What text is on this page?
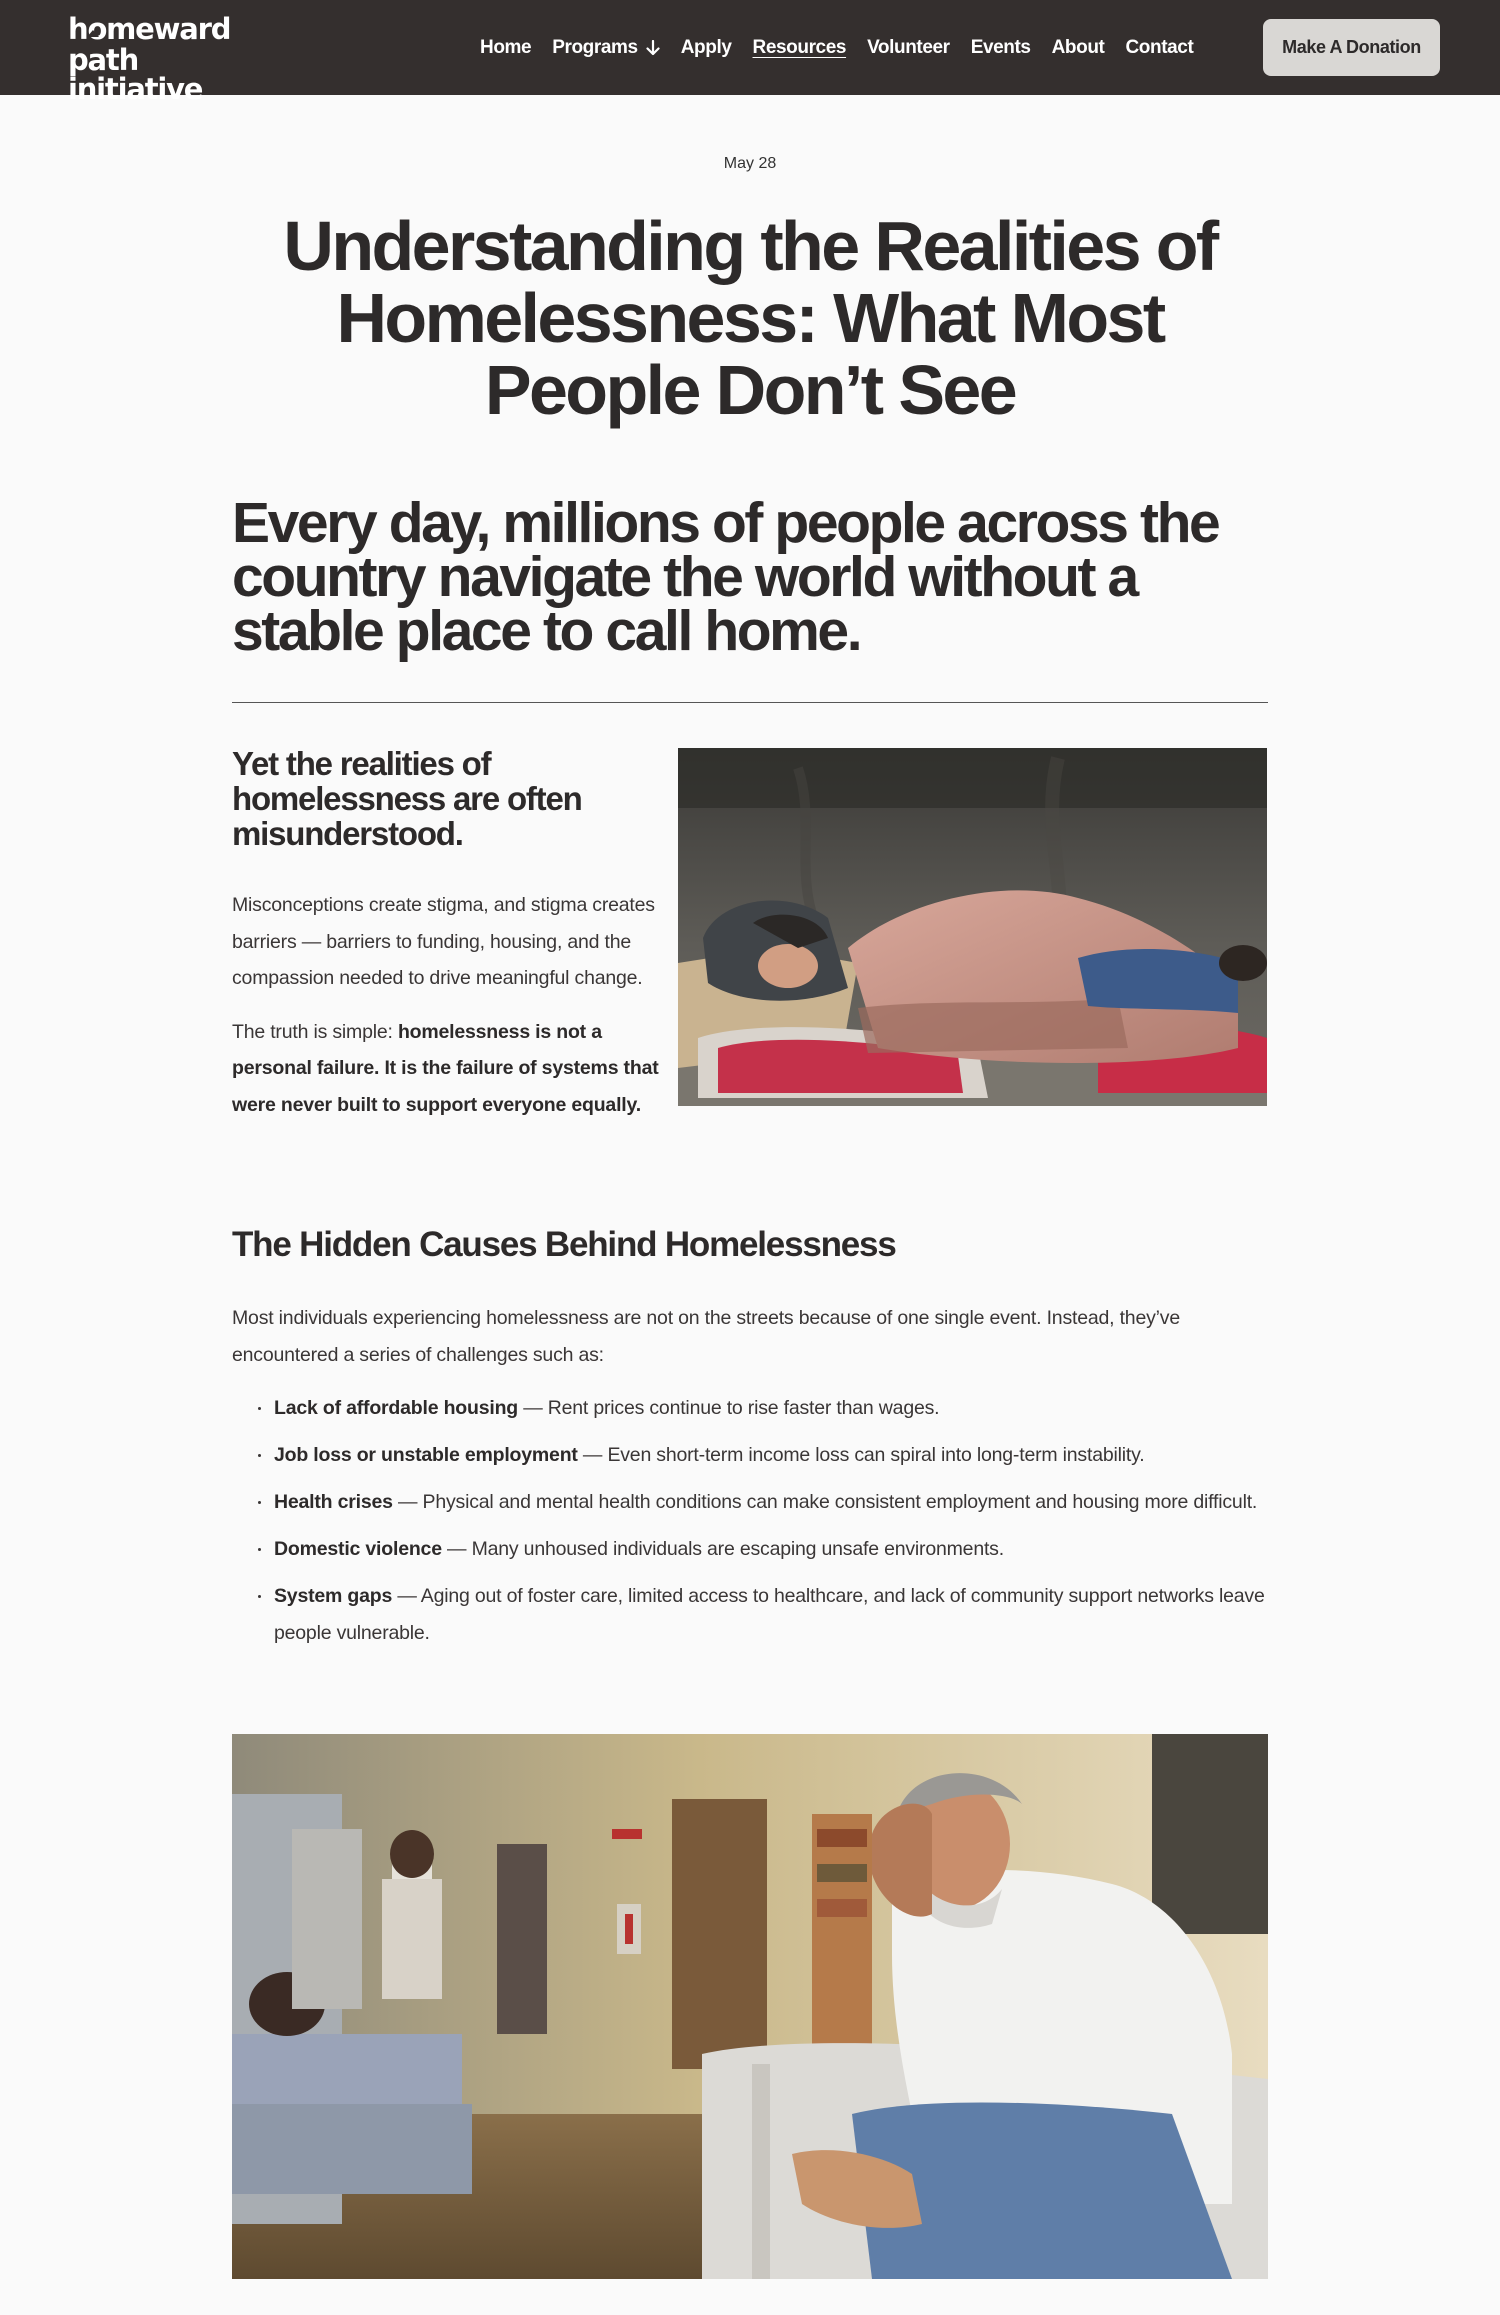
homeward
path initiative
Home Programs Apply Resources Volunteer Events About Contact	Make A Donation
May 28
Understanding the Realities of Homelessness: What Most People Don’t See
Every day, millions of people across the country navigate the world without a stable place to call home.
Yet the realities of homelessness are often misunderstood.

Misconceptions create stigma, and stigma creates barriers — barriers to funding, housing, and the compassion needed to drive meaningful change.

The truth is simple: homelessness is not a personal failure. It is the failure of systems that were never built to support everyone equally.

The Hidden Causes Behind Homelessness

Most individuals experiencing homelessness are not on the streets because of one single event. Instead, they’ve encountered a series of challenges such as:

Lack of affordable housing — Rent prices continue to rise faster than wages.
Job loss or unstable employment — Even short-term income loss can spiral into long-term instability.
Health crises — Physical and mental health conditions can make consistent employment and housing more difficult.
Domestic violence — Many unhoused individuals are escaping unsafe environments.
System gaps — Aging out of foster care, limited access to healthcare, and lack of community support networks leave people vulnerable.
